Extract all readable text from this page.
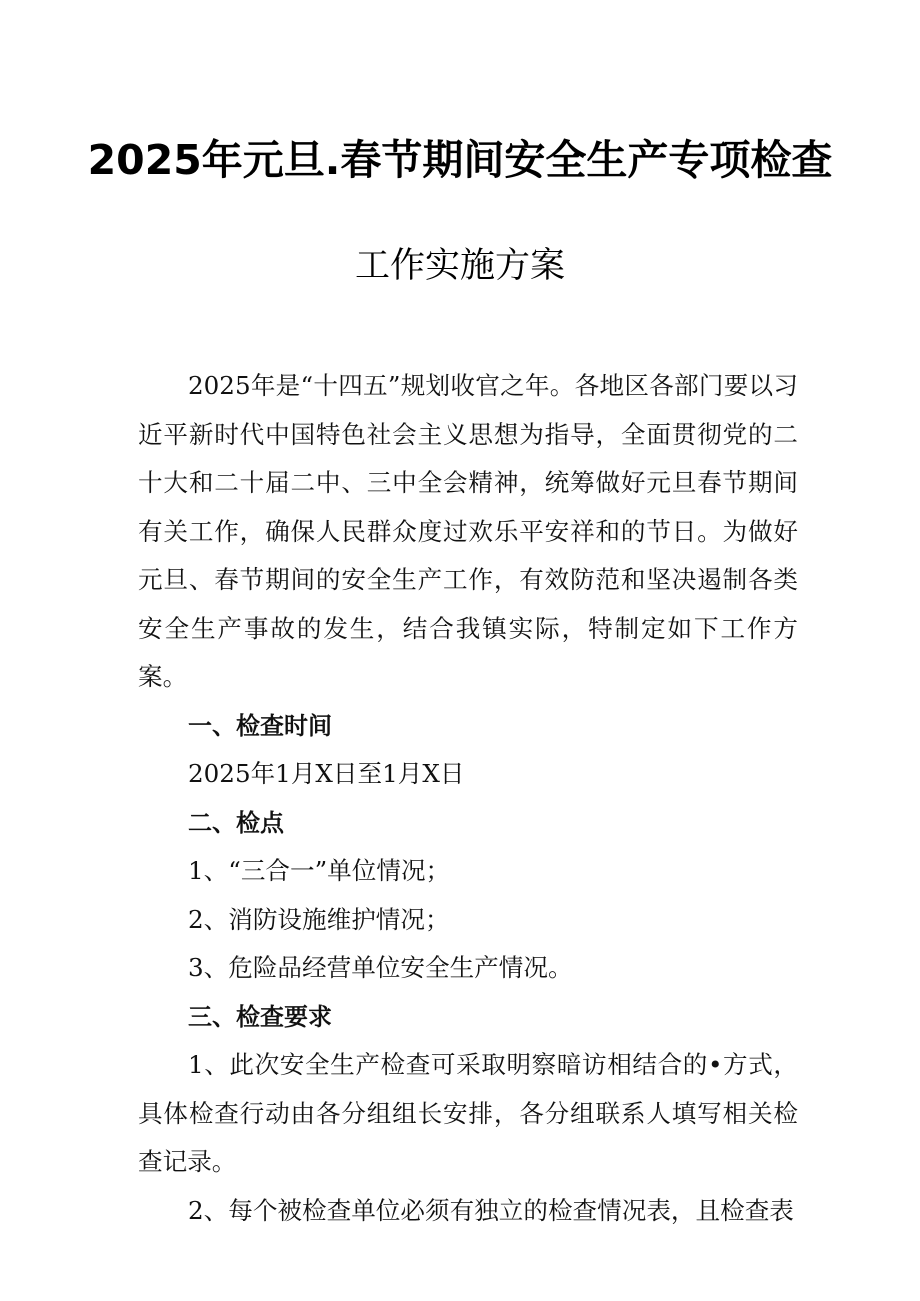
2025年元旦.春节期间安全生产专项检查
工作实施方案

2025年是“十四五”规划收官之年。各地区各部门要以习近平新时代中国特色社会主义思想为指导，全面贯彻党的二十大和二十届二中、三中全会精神，统筹做好元旦春节期间有关工作，确保人民群众度过欢乐平安祥和的节日。为做好元旦、春节期间的安全生产工作，有效防范和坚决遏制各类安全生产事故的发生，结合我镇实际，特制定如下工作方案。

一、检查时间

2025年1月X日至1月X日

二、检点

1、“三合一”单位情况；

2、消防设施维护情况；

3、危险品经营单位安全生产情况。

三、检查要求

1、此次安全生产检查可采取明察暗访相结合的•方式，具体检查行动由各分组组长安排，各分组联系人填写相关检查记录。

2、每个被检查单位必须有独立的检查情况表，且检查表
